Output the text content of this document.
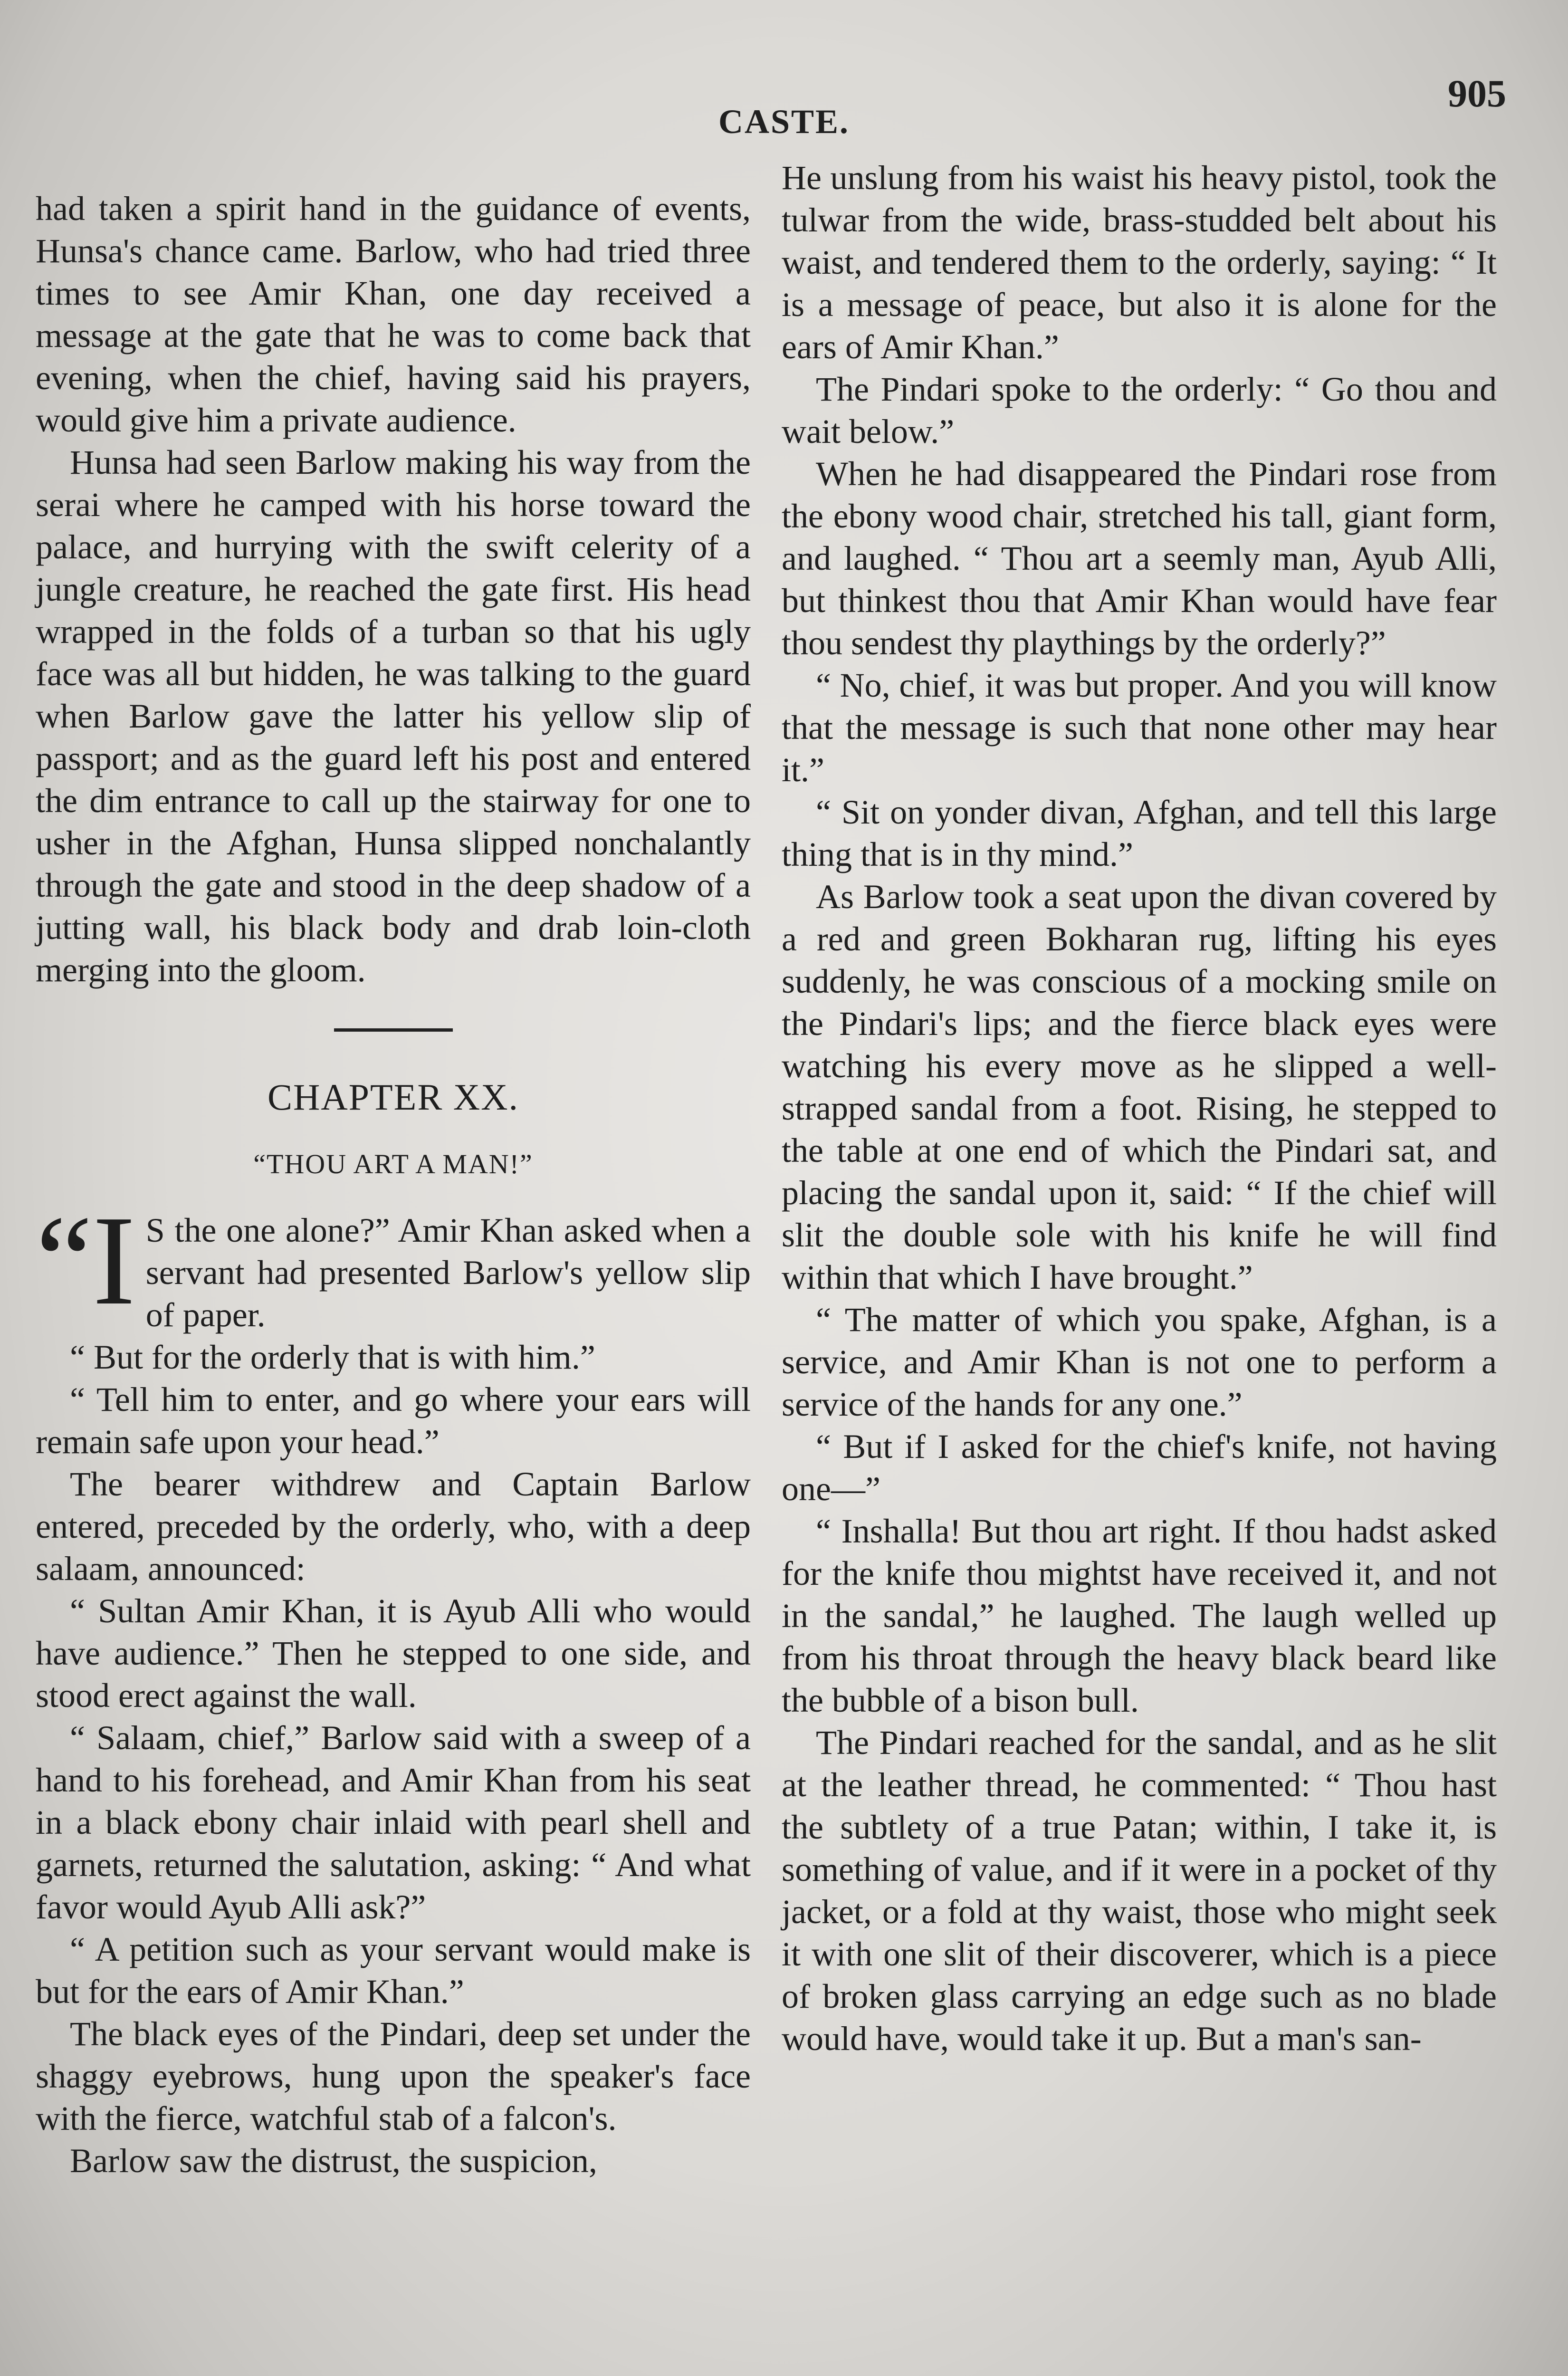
CASTE.
905

had taken a spirit hand in the guidance of events, Hunsa's chance came. Barlow, who had tried three times to see Amir Khan, one day received a message at the gate that he was to come back that evening, when the chief, having said his prayers, would give him a private audience.

Hunsa had seen Barlow making his way from the serai where he camped with his horse toward the palace, and hurrying with the swift celerity of a jungle creature, he reached the gate first. His head wrapped in the folds of a turban so that his ugly face was all but hidden, he was talking to the guard when Barlow gave the latter his yellow slip of passport; and as the guard left his post and entered the dim entrance to call up the stairway for one to usher in the Afghan, Hunsa slipped nonchalantly through the gate and stood in the deep shadow of a jutting wall, his black body and drab loin-cloth merging into the gloom.

CHAPTER XX.
“THOU ART A MAN!”

“I S the one alone?” Amir Khan asked when a servant had presented Barlow's yellow slip of paper.

“ But for the orderly that is with him.”

“ Tell him to enter, and go where your ears will remain safe upon your head.”

The bearer withdrew and Captain Barlow entered, preceded by the orderly, who, with a deep salaam, announced:

“ Sultan Amir Khan, it is Ayub Alli who would have audience.” Then he stepped to one side, and stood erect against the wall.

“ Salaam, chief,” Barlow said with a sweep of a hand to his forehead, and Amir Khan from his seat in a black ebony chair inlaid with pearl shell and garnets, returned the salutation, asking: “ And what favor would Ayub Alli ask?”

“ A petition such as your servant would make is but for the ears of Amir Khan.”

The black eyes of the Pindari, deep set under the shaggy eyebrows, hung upon the speaker's face with the fierce, watchful stab of a falcon's.

Barlow saw the distrust, the suspicion,

He unslung from his waist his heavy pistol, took the tulwar from the wide, brass-studded belt about his waist, and tendered them to the orderly, saying: “ It is a message of peace, but also it is alone for the ears of Amir Khan.”

The Pindari spoke to the orderly: “ Go thou and wait below.”

When he had disappeared the Pindari rose from the ebony wood chair, stretched his tall, giant form, and laughed. “ Thou art a seemly man, Ayub Alli, but thinkest thou that Amir Khan would have fear thou sendest thy playthings by the orderly?”

“ No, chief, it was but proper. And you will know that the message is such that none other may hear it.”

“ Sit on yonder divan, Afghan, and tell this large thing that is in thy mind.”

As Barlow took a seat upon the divan covered by a red and green Bokharan rug, lifting his eyes suddenly, he was conscious of a mocking smile on the Pindari's lips; and the fierce black eyes were watching his every move as he slipped a well-strapped sandal from a foot. Rising, he stepped to the table at one end of which the Pindari sat, and placing the sandal upon it, said: “ If the chief will slit the double sole with his knife he will find within that which I have brought.”

“ The matter of which you spake, Afghan, is a service, and Amir Khan is not one to perform a service of the hands for any one.”

“ But if I asked for the chief's knife, not having one—”

“ Inshalla! But thou art right. If thou hadst asked for the knife thou mightst have received it, and not in the sandal,” he laughed. The laugh welled up from his throat through the heavy black beard like the bubble of a bison bull.

The Pindari reached for the sandal, and as he slit at the leather thread, he commented: “ Thou hast the subtlety of a true Patan; within, I take it, is something of value, and if it were in a pocket of thy jacket, or a fold at thy waist, those who might seek it with one slit of their discoverer, which is a piece of broken glass carrying an edge such as no blade would have, would take it up. But a man's san-
